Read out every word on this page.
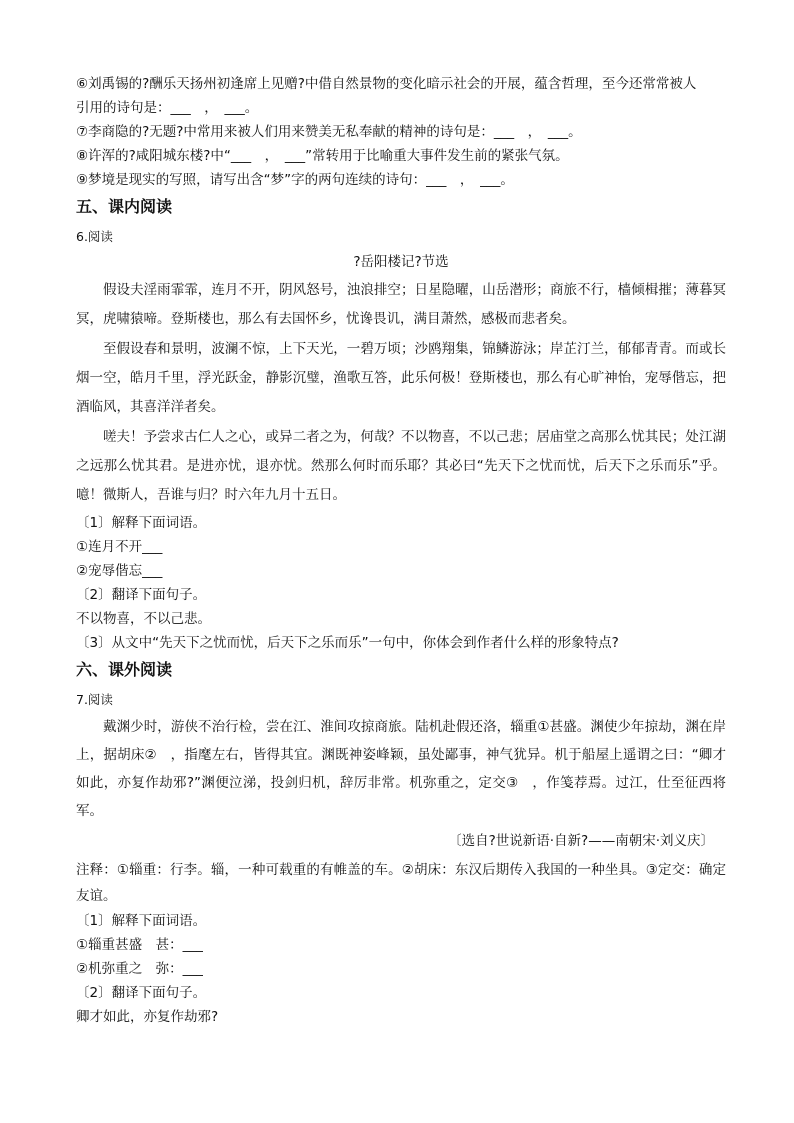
⑥刘禹锡的?酬乐天扬州初逢席上见赠?中借自然景物的变化暗示社会的开展，蕴含哲理，至今还常常被人

引用的诗句是：___　，　___。

⑦李商隐的?无题?中常用来被人们用来赞美无私奉献的精神的诗句是：___　，　___。

⑧许浑的?咸阳城东楼?中“___　，　___”常转用于比喻重大事件发生前的紧张气氛。

⑨梦境是现实的写照，请写出含“梦”字的两句连续的诗句：___　，　___。

五、课内阅读
6.阅读
?岳阳楼记?节选

假设夫淫雨霏霏，连月不开，阴风怒号，浊浪排空；日星隐曜，山岳潜形；商旅不行，樯倾楫摧；薄暮冥冥，虎啸猿啼。登斯楼也，那么有去国怀乡，忧谗畏讥，满目萧然，感极而悲者矣。

至假设春和景明，波澜不惊，上下天光，一碧万顷；沙鸥翔集，锦鳞游泳；岸芷汀兰，郁郁青青。而或长烟一空，皓月千里，浮光跃金，静影沉璧，渔歌互答，此乐何极！登斯楼也，那么有心旷神怡，宠辱偕忘，把酒临风，其喜洋洋者矣。

嗟夫！予尝求古仁人之心，或异二者之为，何哉？不以物喜，不以己悲；居庙堂之高那么忧其民；处江湖之远那么忧其君。是进亦忧，退亦忧。然那么何时而乐耶？其必曰“先天下之忧而忧，后天下之乐而乐”乎。噫！微斯人，吾谁与归？时六年九月十五日。

〔1〕解释下面词语。

①连月不开___

②宠辱偕忘___

〔2〕翻译下面句子。

不以物喜，不以己悲。

〔3〕从文中“先天下之忧而忧，后天下之乐而乐”一句中，你体会到作者什么样的形象特点?

六、课外阅读
7.阅读

戴渊少时，游侠不治行检，尝在江、淮间攻掠商旅。陆机赴假还洛，辎重①甚盛。渊使少年掠劫，渊在岸上，据胡床②　，指麾左右，皆得其宜。渊既神姿峰颖，虽处鄙事，神气犹异。机于船屋上遥谓之曰：“卿才如此，亦复作劫邪?”渊便泣涕，投剑归机，辞厉非常。机弥重之，定交③　，作笺荐焉。过江，仕至征西将军。

〔选自?世说新语·自新?——南朝宋·刘义庆〕

注释：①辎重：行李。辎，一种可载重的有帷盖的车。②胡床：东汉后期传入我国的一种坐具。③定交：确定友谊。

〔1〕解释下面词语。

①辎重甚盛　甚：___

②机弥重之　弥：___

〔2〕翻译下面句子。

卿才如此，亦复作劫邪?
